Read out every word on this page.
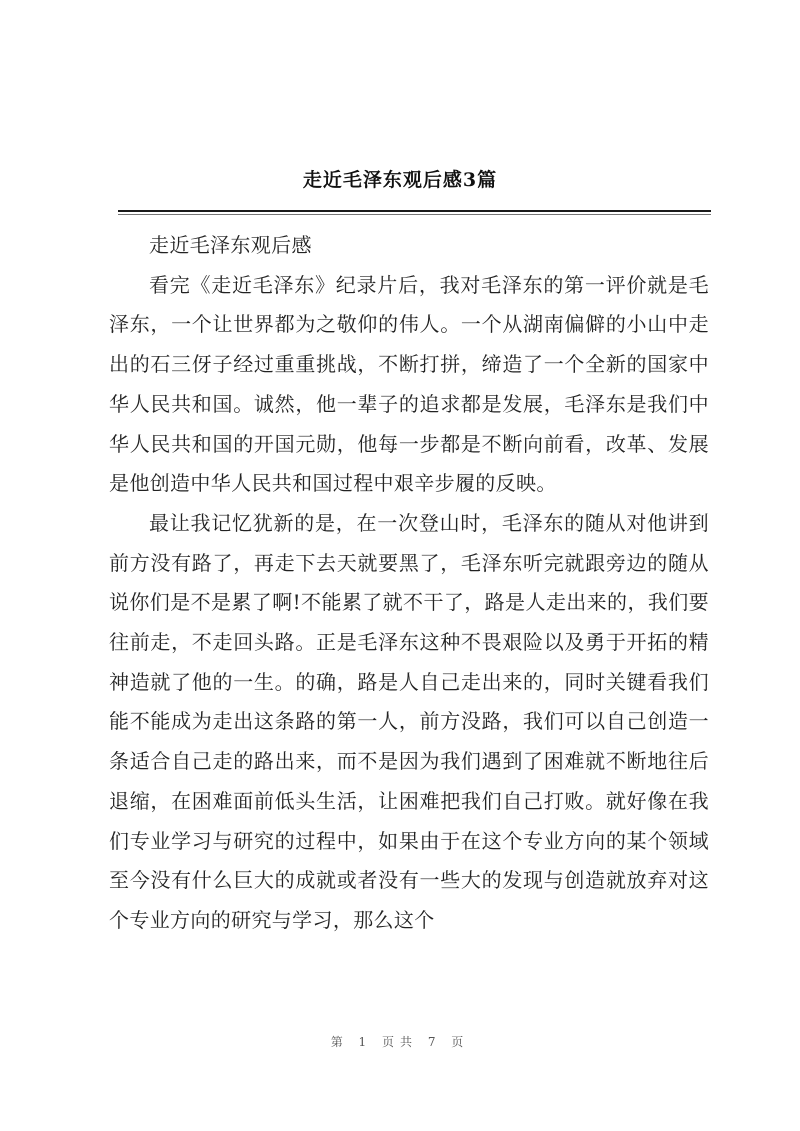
走近毛泽东观后感3篇

走近毛泽东观后感

看完《走近毛泽东》纪录片后，我对毛泽东的第一评价就是毛泽东，一个让世界都为之敬仰的伟人。一个从湖南偏僻的小山中走出的石三伢子经过重重挑战，不断打拼，缔造了一个全新的国家中华人民共和国。诚然，他一辈子的追求都是发展，毛泽东是我们中华人民共和国的开国元勋，他每一步都是不断向前看，改革、发展是他创造中华人民共和国过程中艰辛步履的反映。

最让我记忆犹新的是，在一次登山时，毛泽东的随从对他讲到前方没有路了，再走下去天就要黑了，毛泽东听完就跟旁边的随从说你们是不是累了啊!不能累了就不干了，路是人走出来的，我们要往前走，不走回头路。正是毛泽东这种不畏艰险以及勇于开拓的精神造就了他的一生。的确，路是人自己走出来的，同时关键看我们能不能成为走出这条路的第一人，前方没路，我们可以自己创造一条适合自己走的路出来，而不是因为我们遇到了困难就不断地往后退缩，在困难面前低头生活，让困难把我们自己打败。就好像在我们专业学习与研究的过程中，如果由于在这个专业方向的某个领域至今没有什么巨大的成就或者没有一些大的发现与创造就放弃对这个专业方向的研究与学习，那么这个

第 1 页共 7 页
